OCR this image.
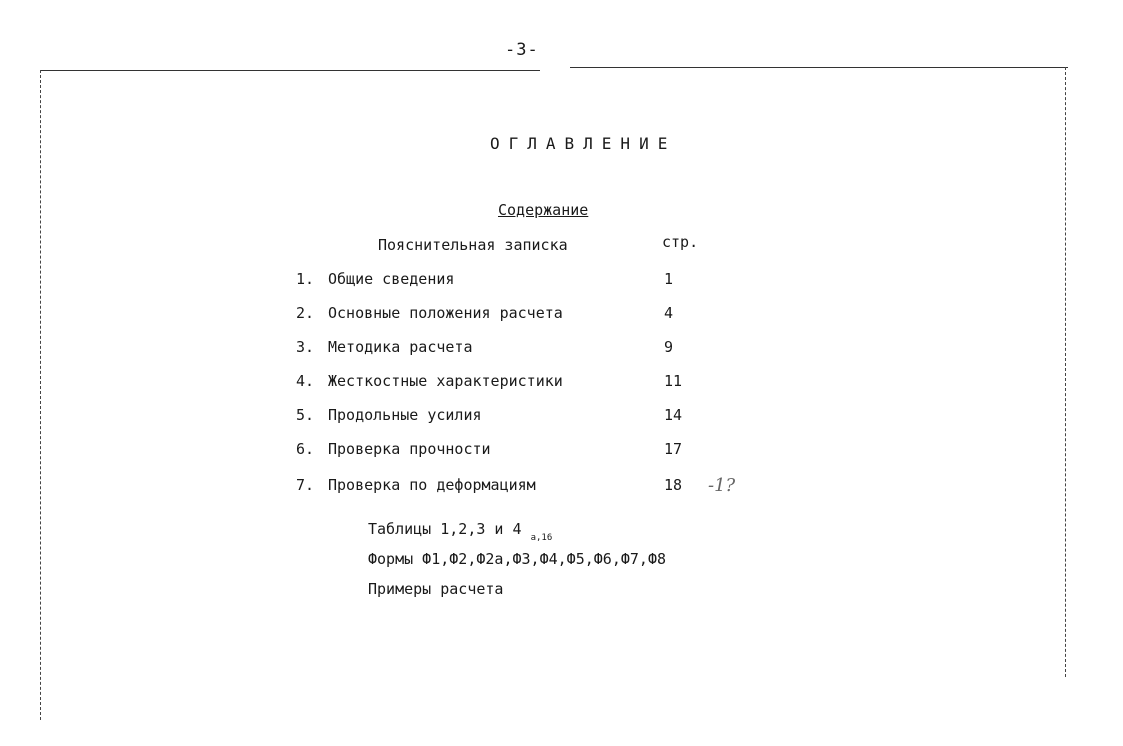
-3-
ОГЛАВЛЕНИЕ
Содержание
Пояснительная записка	стр.
1. Общие сведения	1
2. Основные положения расчета	4
3. Методика расчета	9
4. Жесткостные характеристики	11
5. Продольные усилия	14
6. Проверка прочности	17
7. Проверка по деформациям	18 -1?
Таблицы 1,2,3 и 4 $_{а,16}$
Формы Ф1,Ф2,Ф2а,Ф3,Ф4,Ф5,Ф6,Ф7,Ф8
Примеры расчета
